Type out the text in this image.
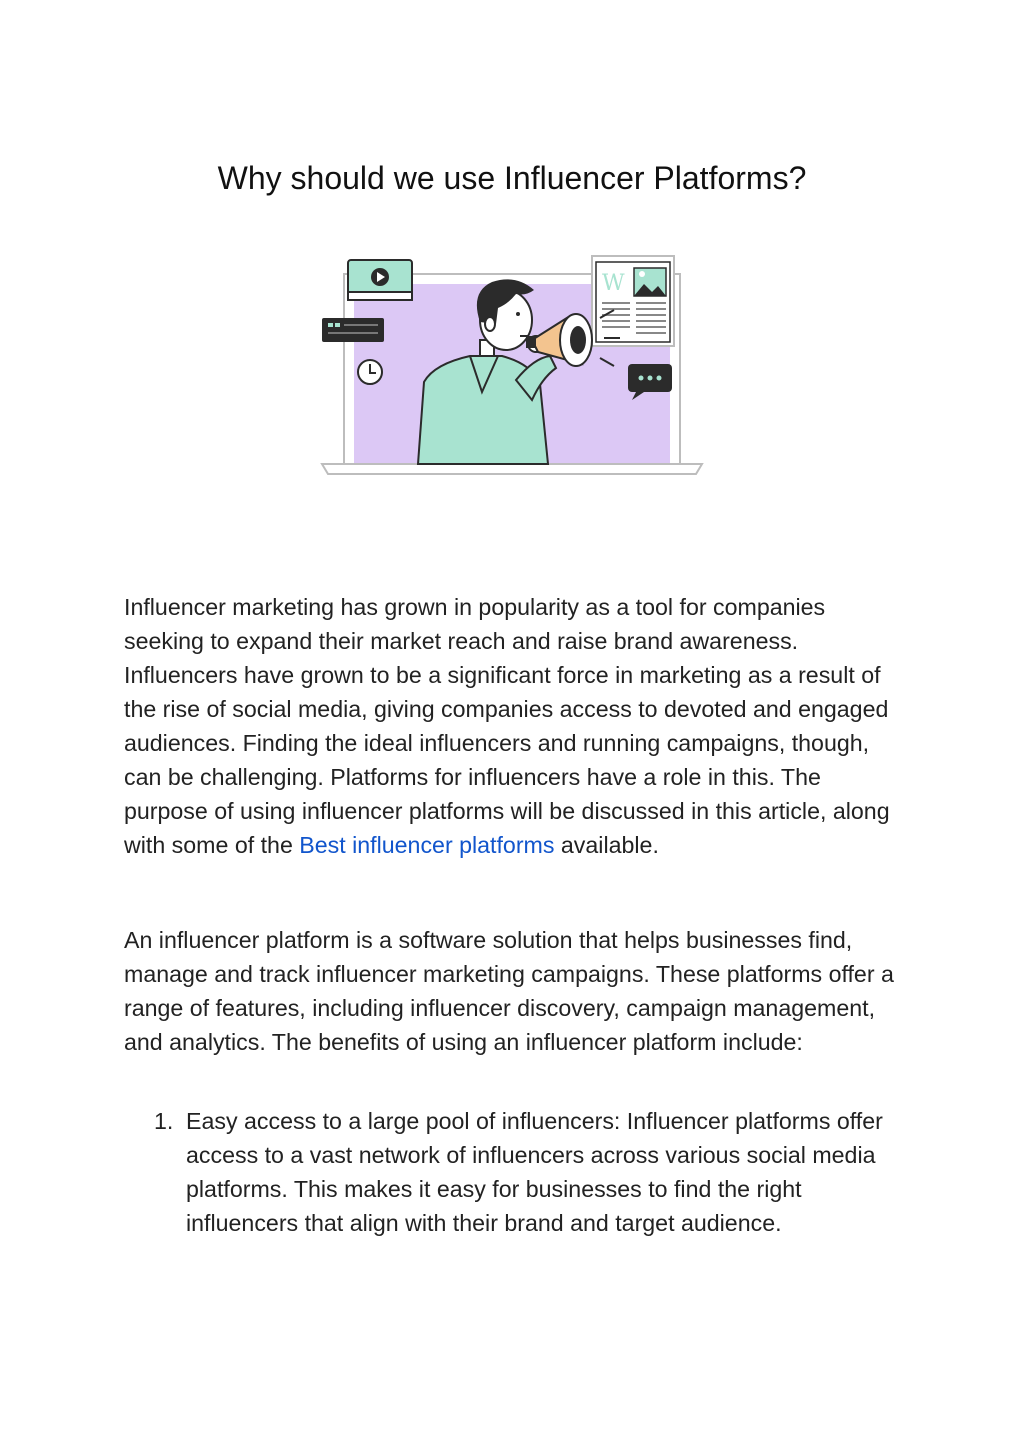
Why should we use Influencer Platforms?
W

Influencer marketing has grown in popularity as a tool for companies seeking to expand their market reach and raise brand awareness. Influencers have grown to be a significant force in marketing as a result of the rise of social media, giving companies access to devoted and engaged audiences. Finding the ideal influencers and running campaigns, though, can be challenging. Platforms for influencers have a role in this. The purpose of using influencer platforms will be discussed in this article, along with some of the Best influencer platforms available.

An influencer platform is a software solution that helps businesses find, manage and track influencer marketing campaigns. These platforms offer a range of features, including influencer discovery, campaign management, and analytics. The benefits of using an influencer platform include:

1. Easy access to a large pool of influencers: Influencer platforms offer access to a vast network of influencers across various social media platforms. This makes it easy for businesses to find the right influencers that align with their brand and target audience.
